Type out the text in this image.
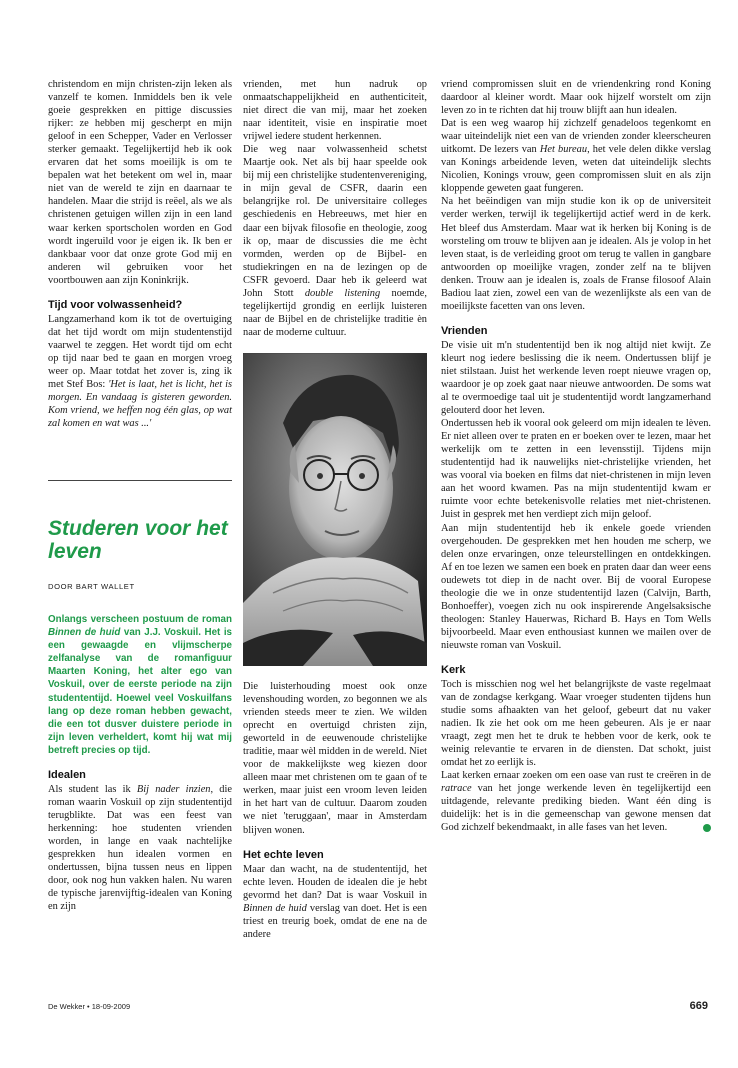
christendom en mijn christen-zijn leken als vanzelf te komen. Inmiddels ben ik vele goeie gesprekken en pittige discussies rijker: ze hebben mij gescherpt en mijn geloof in een Schepper, Vader en Verlosser sterker gemaakt. Tegelijkertijd heb ik ook ervaren dat het soms moeilijk is om te bepalen wat het betekent om wel in, maar niet van de wereld te zijn en daarnaar te handelen. Maar die strijd is reëel, als we als christenen getuigen willen zijn in een land waar kerken sportscholen worden en God wordt ingeruild voor je eigen ik. Ik ben er dankbaar voor dat onze grote God mij en anderen wil gebruiken voor het voortbouwen aan zijn Koninkrijk.

Tijd voor volwassenheid?

Langzamerhand kom ik tot de overtuiging dat het tijd wordt om mijn studentenstijd vaarwel te zeggen. Het wordt tijd om echt op tijd naar bed te gaan en morgen vroeg weer op. Maar totdat het zover is, zing ik met Stef Bos: 'Het is laat, het is licht, het is morgen. En vandaag is gisteren geworden. Kom vriend, we heffen nog één glas, op wat zal komen en wat was ...'

Studeren voor het leven
DOOR BART WALLET

Onlangs verscheen postuum de roman Binnen de huid van J.J. Voskuil. Het is een gewaagde en vlijmscherpe zelfanalyse van de romanfiguur Maarten Koning, het alter ego van Voskuil, over de eerste periode na zijn studententijd. Hoewel veel Voskuilfans lang op deze roman hebben gewacht, die een tot dusver duistere periode in zijn leven verheldert, komt hij wat mij betreft precies op tijd.

Idealen

Als student las ik Bij nader inzien, die roman waarin Voskuil op zijn studententijd terugblikte. Dat was een feest van herkenning: hoe studenten vrienden worden, in lange en vaak nachtelijke gesprekken hun idealen vormen en ondertussen, bijna tussen neus en lippen door, ook nog hun vakken halen. Nu waren de typische jarenvijftig-idealen van Koning en zijn

vrienden, met hun nadruk op onmaatschappelijkheid en authenticiteit, niet direct die van mij, maar het zoeken naar identiteit, visie en inspiratie moet vrijwel iedere student herkennen.

Die weg naar volwassenheid schetst Maartje ook. Net als bij haar speelde ook bij mij een christelijke studentenvereniging, in mijn geval de CSFR, daarin een belangrijke rol. De universitaire colleges geschiedenis en Hebreeuws, met hier en daar een bijvak filosofie en theologie, zoog ik op, maar de discussies die me ècht vormden, werden op de Bijbel- en studiekringen en na de lezingen op de CSFR gevoerd. Daar heb ik geleerd wat John Stott double listening noemde, tegelijkertijd grondig en eerlijk luisteren naar de Bijbel en de christelijke traditie èn naar de moderne cultuur.

Die luisterhouding moest ook onze levenshouding worden, zo begonnen we als vrienden steeds meer te zien. We wilden oprecht en overtuigd christen zijn, geworteld in de eeuwenoude christelijke traditie, maar wèl midden in de wereld. Niet voor de makkelijkste weg kiezen door alleen maar met christenen om te gaan of te werken, maar juist een vroom leven leiden in het hart van de cultuur. Daarom zouden we niet 'teruggaan', maar in Amsterdam blijven wonen.

Het echte leven

Maar dan wacht, na de studententijd, het echte leven. Houden de idealen die je hebt gevormd het dan? Dat is waar Voskuil in Binnen de huid verslag van doet. Het is een triest en treurig boek, omdat de ene na de andere

vriend compromissen sluit en de vriendenkring rond Koning daardoor al kleiner wordt. Maar ook hijzelf worstelt om zijn leven zo in te richten dat hij trouw blijft aan hun idealen.

Dat is een weg waarop hij zichzelf genadeloos tegenkomt en waar uiteindelijk niet een van de vrienden zonder kleerscheuren uitkomt. De lezers van Het bureau, het vele delen dikke verslag van Konings arbeidende leven, weten dat uiteindelijk slechts Nicolien, Konings vrouw, geen compromissen sluit en als zijn kloppende geweten gaat fungeren.

Na het beëindigen van mijn studie kon ik op de universiteit verder werken, terwijl ik tegelijkertijd actief werd in de kerk. Het bleef dus Amsterdam. Maar wat ik herken bij Koning is de worsteling om trouw te blijven aan je idealen. Als je volop in het leven staat, is de verleiding groot om terug te vallen in gangbare antwoorden op moeilijke vragen, zonder zelf na te blijven denken. Trouw aan je idealen is, zoals de Franse filosoof Alain Badiou laat zien, zowel een van de wezenlijkste als een van de moeilijkste facetten van ons leven.

Vrienden

De visie uit m'n studententijd ben ik nog altijd niet kwijt. Ze kleurt nog iedere beslissing die ik neem. Ondertussen blijf je niet stilstaan. Juist het werkende leven roept nieuwe vragen op, waardoor je op zoek gaat naar nieuwe antwoorden. De soms wat al te overmoedige taal uit je studententijd wordt langzamerhand gelouterd door het leven.

Ondertussen heb ik vooral ook geleerd om mijn idealen te lèven. Er niet alleen over te praten en er boeken over te lezen, maar het werkelijk om te zetten in een levensstijl. Tijdens mijn studententijd had ik nauwelijks niet-christelijke vrienden, het was vooral via boeken en films dat niet-christenen in mijn leven aan het woord kwamen. Pas na mijn studententijd kwam er ruimte voor echte betekenisvolle relaties met niet-christenen. Juist in gesprek met hen verdiept zich mijn geloof.

Aan mijn studententijd heb ik enkele goede vrienden overgehouden. De gesprekken met hen houden me scherp, we delen onze ervaringen, onze teleurstellingen en ontdekkingen. Af en toe lezen we samen een boek en praten daar dan weer eens oudewets tot diep in de nacht over. Bij de vooral Europese theologie die we in onze studententijd lazen (Calvijn, Barth, Bonhoeffer), voegen zich nu ook inspirerende Angelsaksische theologen: Stanley Hauerwas, Richard B. Hays en Tom Wells bijvoorbeeld. Maar even enthousiast kunnen we mailen over de nieuwste roman van Voskuil.

Kerk

Toch is misschien nog wel het belangrijkste de vaste regelmaat van de zondagse kerkgang. Waar vroeger studenten tijdens hun studie soms afhaakten van het geloof, gebeurt dat nu vaker nadien. Ik zie het ook om me heen gebeuren. Als je er naar vraagt, zegt men het te druk te hebben voor de kerk, ook te weinig relevantie te ervaren in de diensten. Dat schokt, juist omdat het zo eerlijk is.

Laat kerken ernaar zoeken om een oase van rust te creëren in de ratrace van het jonge werkende leven èn tegelijkertijd een uitdagende, relevante prediking bieden. Want één ding is duidelijk: het is in die gemeenschap van gewone mensen dat God zichzelf bekendmaakt, in alle fases van het leven.

De Wekker • 18-09-2009	669
